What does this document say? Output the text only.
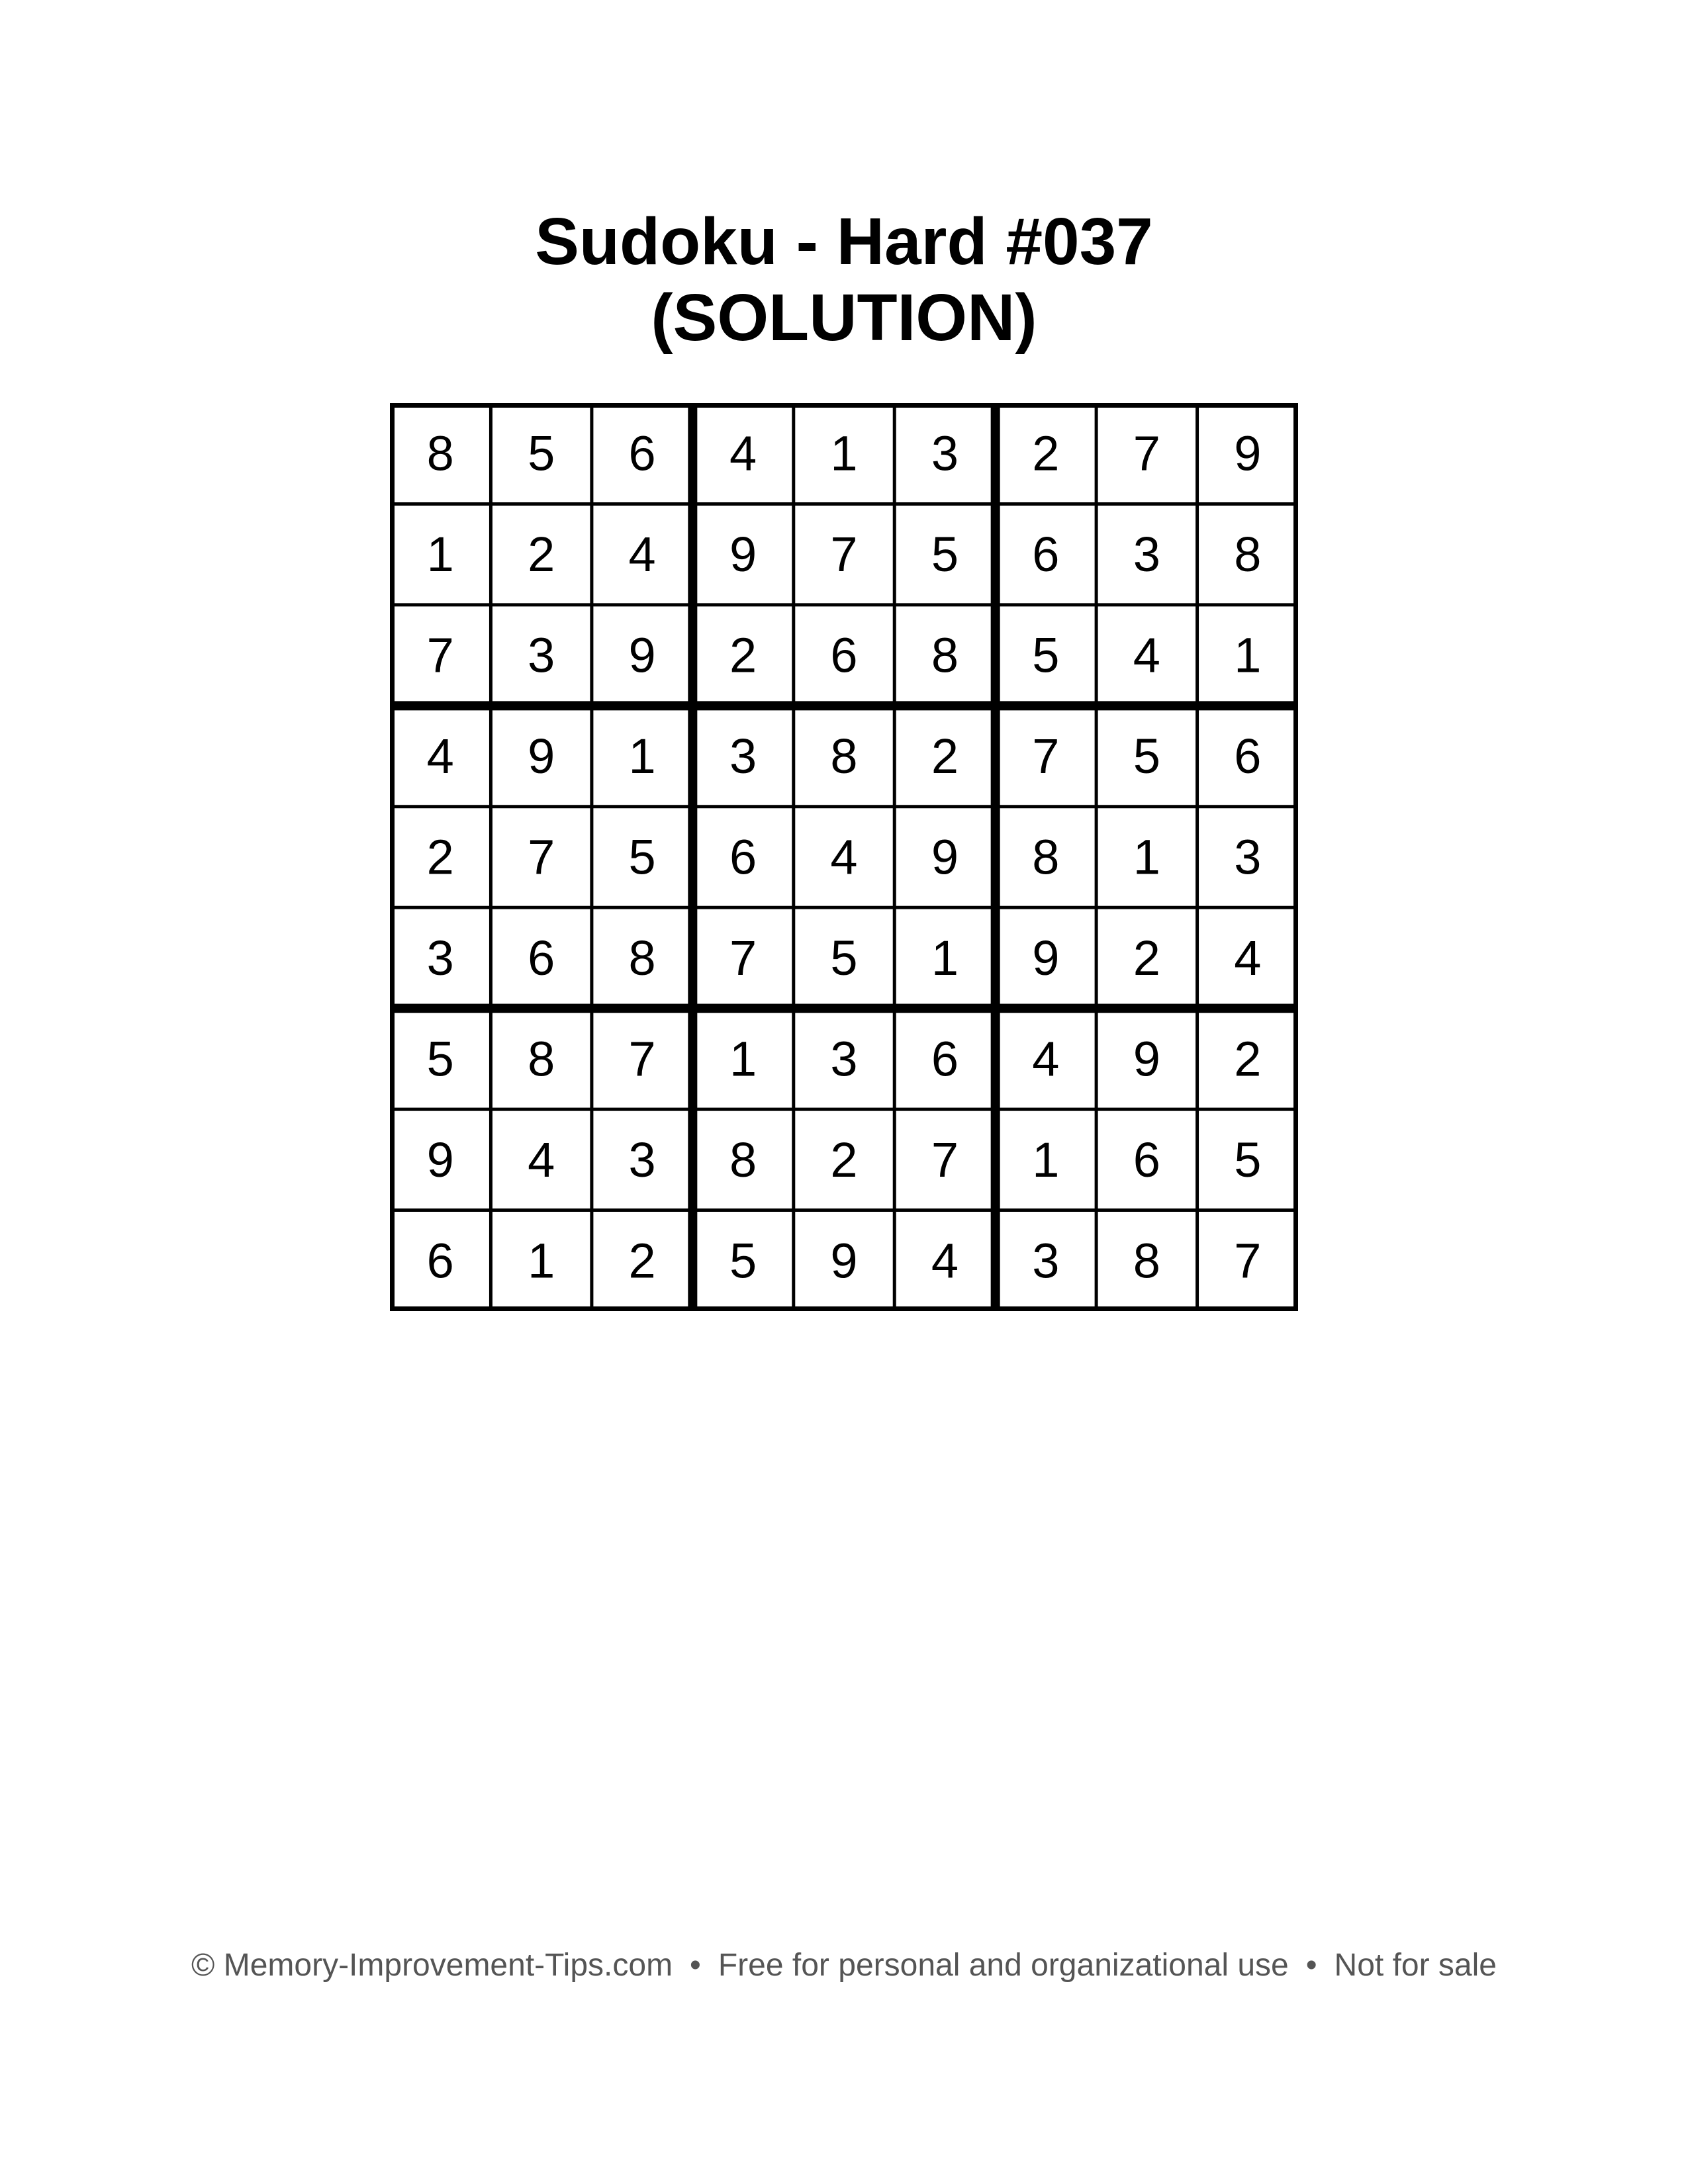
Sudoku - Hard #037
(SOLUTION)
8 5 6 4 1 3 2 7 9
1 2 4 9 7 5 6 3 8
7 3 9 2 6 8 5 4 1
4 9 1 3 8 2 7 5 6
2 7 5 6 4 9 8 1 3
3 6 8 7 5 1 9 2 4
5 8 7 1 3 6 4 9 2
9 4 3 8 2 7 1 6 5
6 1 2 5 9 4 3 8 7
© Memory-Improvement-Tips.com • Free for personal and organizational use • Not for sale
